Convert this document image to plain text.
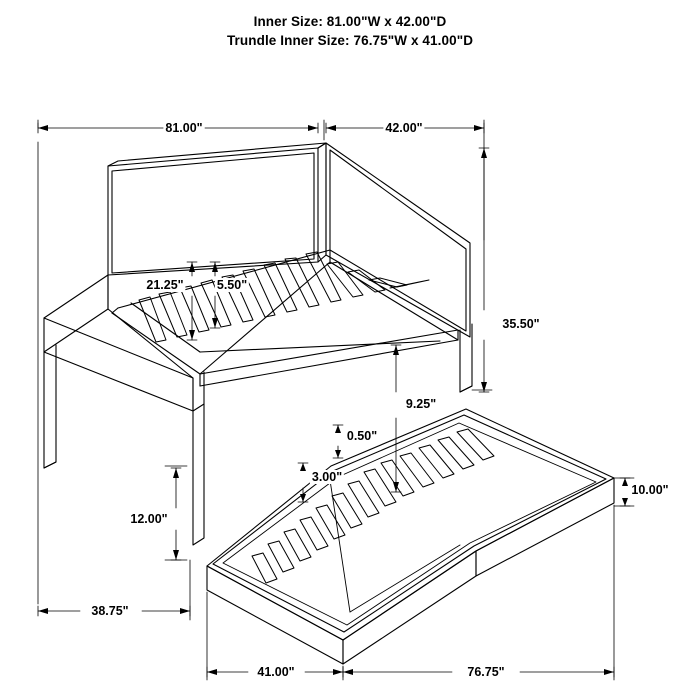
Inner Size: 81.00"W x 42.00"D
Trundle Inner Size: 76.75"W x 41.00"D
81.00"	42.00"
21.25"	5.50"
35.50"
9.25"
0.50"
3.00"
10.00"
12.00"
38.75"
41.00"	76.75"
